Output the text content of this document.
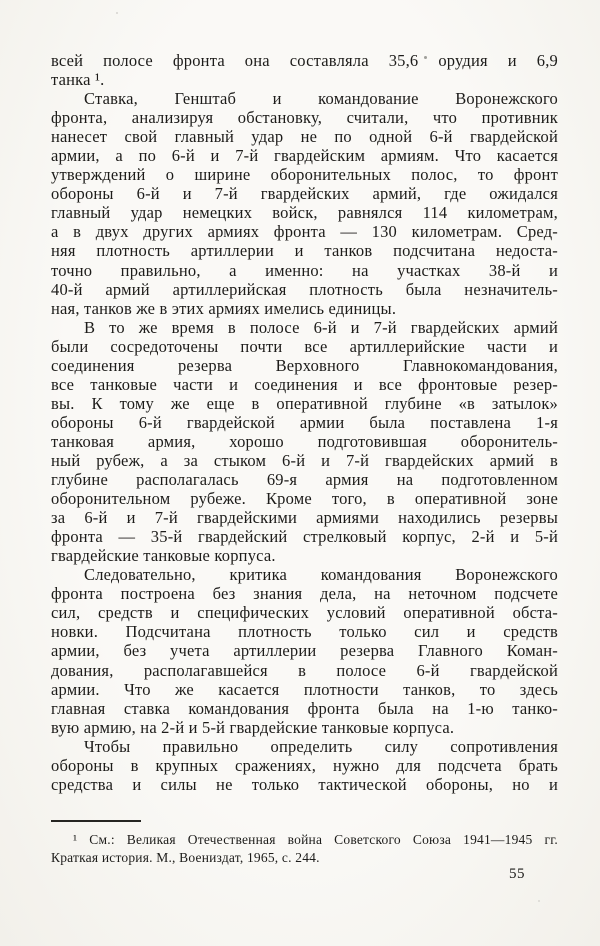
всей полосе фронта она составляла 35,6 орудия и 6,9
танка ¹.
Ставка, Генштаб и командование Воронежского
фронта, анализируя обстановку, считали, что противник
нанесет свой главный удар не по одной 6-й гвардейской
армии, а по 6-й и 7-й гвардейским армиям. Что касается
утверждений о ширине оборонительных полос, то фронт
обороны 6-й и 7-й гвардейских армий, где ожидался
главный удар немецких войск, равнялся 114 километрам,
а в двух других армиях фронта — 130 километрам. Сред-
няя плотность артиллерии и танков подсчитана недоста-
точно правильно, а именно: на участках 38-й и
40-й армий артиллерийская плотность была незначитель-
ная, танков же в этих армиях имелись единицы.
В то же время в полосе 6-й и 7-й гвардейских армий
были сосредоточены почти все артиллерийские части и
соединения резерва Верховного Главнокомандования,
все танковые части и соединения и все фронтовые резер-
вы. К тому же еще в оперативной глубине «в затылок»
обороны 6-й гвардейской армии была поставлена 1-я
танковая армия, хорошо подготовившая оборонитель-
ный рубеж, а за стыком 6-й и 7-й гвардейских армий в
глубине располагалась 69-я армия на подготовленном
оборонительном рубеже. Кроме того, в оперативной зоне
за 6-й и 7-й гвардейскими армиями находились резервы
фронта — 35-й гвардейский стрелковый корпус, 2-й и 5-й
гвардейские танковые корпуса.
Следовательно, критика командования Воронежского
фронта построена без знания дела, на неточном подсчете
сил, средств и специфических условий оперативной обста-
новки. Подсчитана плотность только сил и средств
армии, без учета артиллерии резерва Главного Коман-
дования, располагавшейся в полосе 6-й гвардейской
армии. Что же касается плотности танков, то здесь
главная ставка командования фронта была на 1-ю танко-
вую армию, на 2-й и 5-й гвардейские танковые корпуса.
Чтобы правильно определить силу сопротивления
обороны в крупных сражениях, нужно для подсчета брать
средства и силы не только тактической обороны, но и
¹ См.: Великая Отечественная война Советского Союза 1941—1945 гг.
Краткая история. М., Воениздат, 1965, с. 244.
55
